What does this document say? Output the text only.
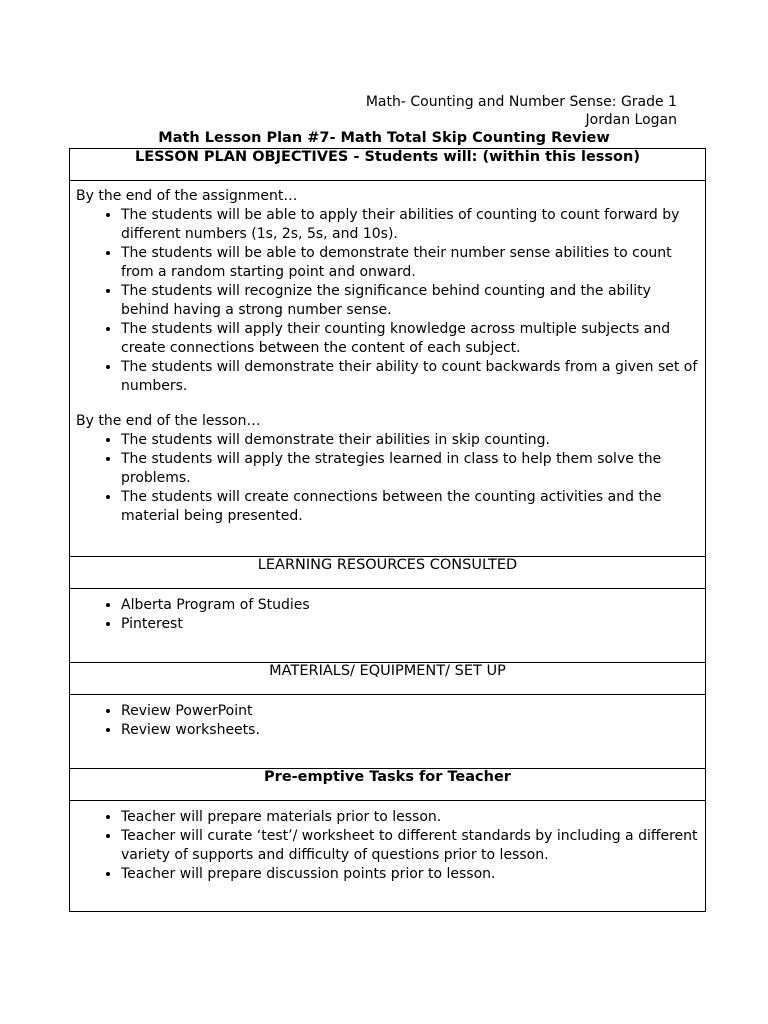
Math- Counting and Number Sense: Grade 1
Jordan Logan
Math Lesson Plan #7- Math Total Skip Counting Review
LESSON PLAN OBJECTIVES - Students will: (within this lesson)

By the end of the assignment…

• The students will be able to apply their abilities of counting to count forward by different numbers (1s, 2s, 5s, and 10s).
• The students will be able to demonstrate their number sense abilities to count from a random starting point and onward.
• The students will recognize the significance behind counting and the ability behind having a strong number sense.
• The students will apply their counting knowledge across multiple subjects and create connections between the content of each subject.
• The students will demonstrate their ability to count backwards from a given set of numbers.

By the end of the lesson…

• The students will demonstrate their abilities in skip counting.
• The students will apply the strategies learned in class to help them solve the problems.
• The students will create connections between the counting activities and the material being presented.

LEARNING RESOURCES CONSULTED

• Alberta Program of Studies
• Pinterest

MATERIALS/ EQUIPMENT/ SET UP

• Review PowerPoint
• Review worksheets.

Pre-emptive Tasks for Teacher

• Teacher will prepare materials prior to lesson.
• Teacher will curate ‘test’/ worksheet to different standards by including a different variety of supports and difficulty of questions prior to lesson.
• Teacher will prepare discussion points prior to lesson.
